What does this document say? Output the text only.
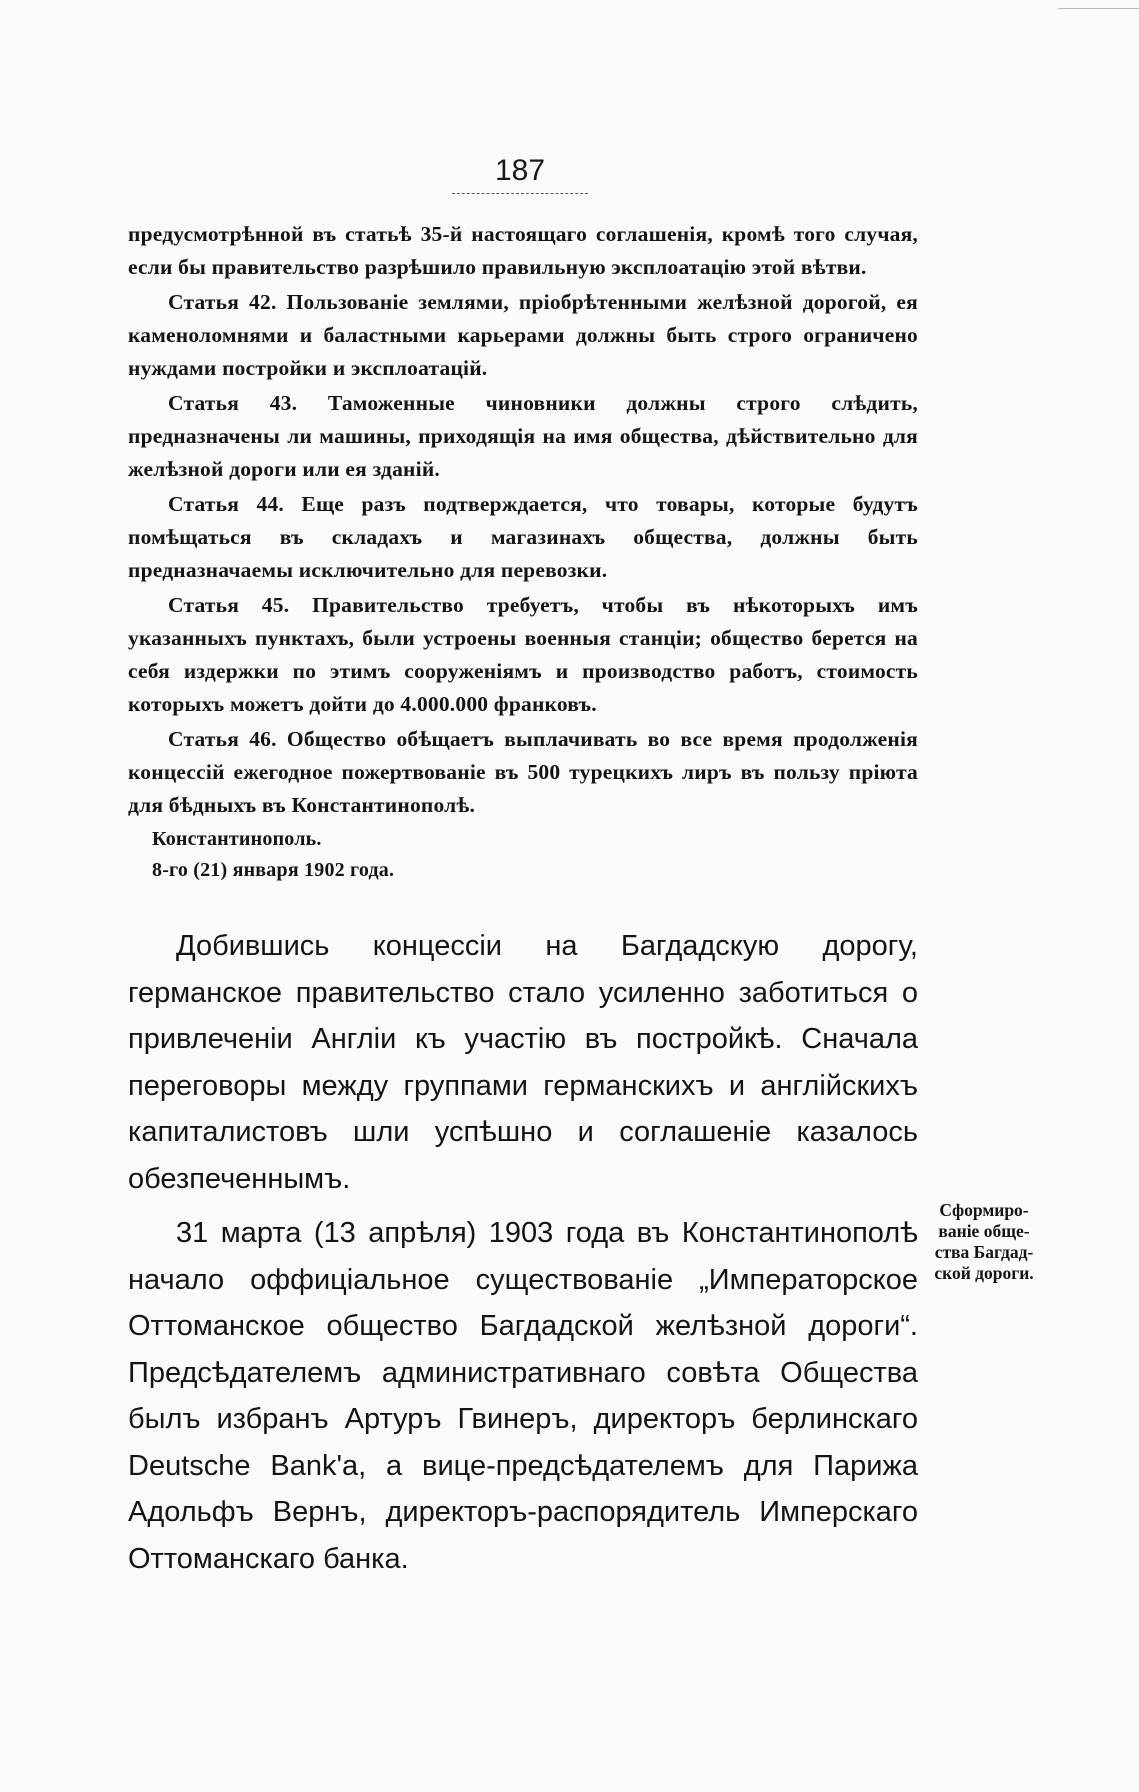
187

предусмотрѣнной въ статьѣ 35-й настоящаго соглашенія, кромѣ того случая, если бы правительство разрѣшило правильную эксплоатацію этой вѣтви.

Статья 42. Пользованіе землями, пріобрѣтенными желѣзной дорогой, ея каменоломнями и баластными карьерами должны быть строго ограничено нуждами постройки и эксплоатацій.

Статья 43. Таможенные чиновники должны строго слѣдить, предназначены ли машины, приходящія на имя общества, дѣйствительно для желѣзной дороги или ея зданій.

Статья 44. Еще разъ подтверждается, что товары, которые будутъ помѣщаться въ складахъ и магазинахъ общества, должны быть предназначаемы исключительно для перевозки.

Статья 45. Правительство требуетъ, чтобы въ нѣкоторыхъ имъ указанныхъ пунктахъ, были устроены военныя станціи; общество берется на себя издержки по этимъ сооруженіямъ и производство работъ, стоимость которыхъ можетъ дойти до 4.000.000 франковъ.

Статья 46. Общество обѣщаетъ выплачивать во все время продолженія концессій ежегодное пожертвованіе въ 500 турецкихъ лиръ въ пользу пріюта для бѣдныхъ въ Константинополѣ.

Константинополь.

8-го (21) января 1902 года.

Добившись концессіи на Багдадскую дорогу, германское правительство стало усиленно заботиться о привлеченіи Англіи къ участію въ постройкѣ. Сначала переговоры между группами германскихъ и англійскихъ капиталистовъ шли успѣшно и соглашеніе казалось обезпеченнымъ.

31 марта (13 апрѣля) 1903 года въ Константинополѣ начало оффиціальное существованіе „Императорское Оттоманское общество Багдадской желѣзной дороги“. Предсѣдателемъ административнаго совѣта Общества былъ избранъ Артуръ Гвинеръ, директоръ берлинскаго Deutsche Bank'а, а вице-предсѣдателемъ для Парижа Адольфъ Вернъ, директоръ-распорядитель Имперскаго Оттоманскаго банка.

Сформиро-
ваніе обще-
ства Багдад-
ской дороги.
